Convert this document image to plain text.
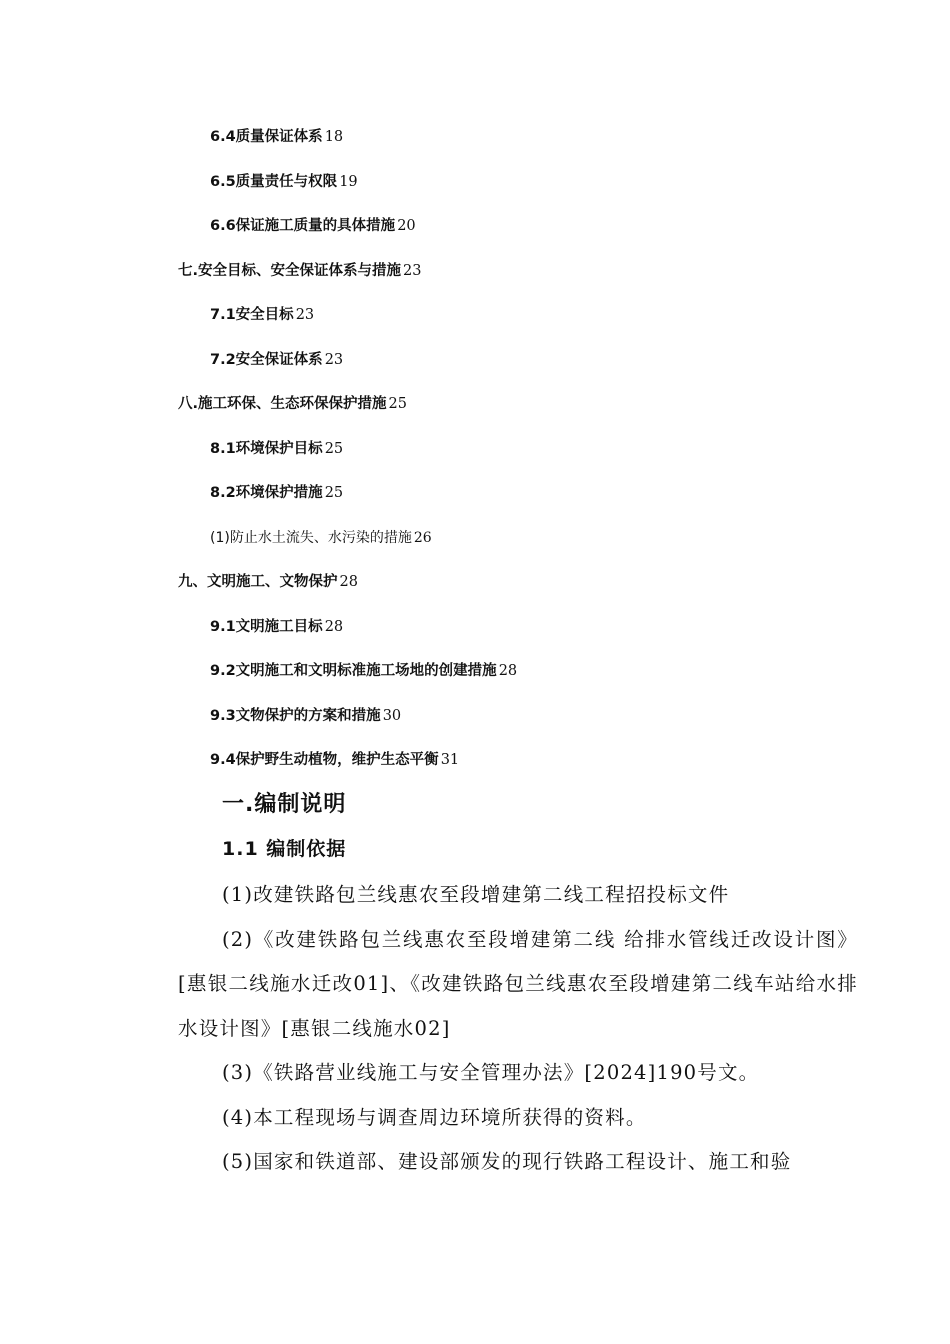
6.4质量保证体系 18
6.5质量责任与权限 19
6.6保证施工质量的具体措施 20
七.安全目标、安全保证体系与措施 23
7.1安全目标 23
7.2安全保证体系 23
八.施工环保、生态环保保护措施 25
8.1环境保护目标 25
8.2环境保护措施 25
(1)防止水土流失、水污染的措施 26
九、文明施工、文物保护 28
9.1文明施工目标 28
9.2文明施工和文明标准施工场地的创建措施 28
9.3文物保护的方案和措施 30
9.4保护野生动植物，维护生态平衡 31
一.编制说明
1.1 编制依据

(1)改建铁路包兰线惠农至段增建第二线工程招投标文件

(2)《改建铁路包兰线惠农至段增建第二线 给排水管线迁改设计图》[惠银二线施水迁改01]、《改建铁路包兰线惠农至段增建第二线车站给水排水设计图》[惠银二线施水02]

(3)《铁路营业线施工与安全管理办法》[2024]190号文。

(4)本工程现场与调查周边环境所获得的资料。

(5)国家和铁道部、建设部颁发的现行铁路工程设计、施工和验
